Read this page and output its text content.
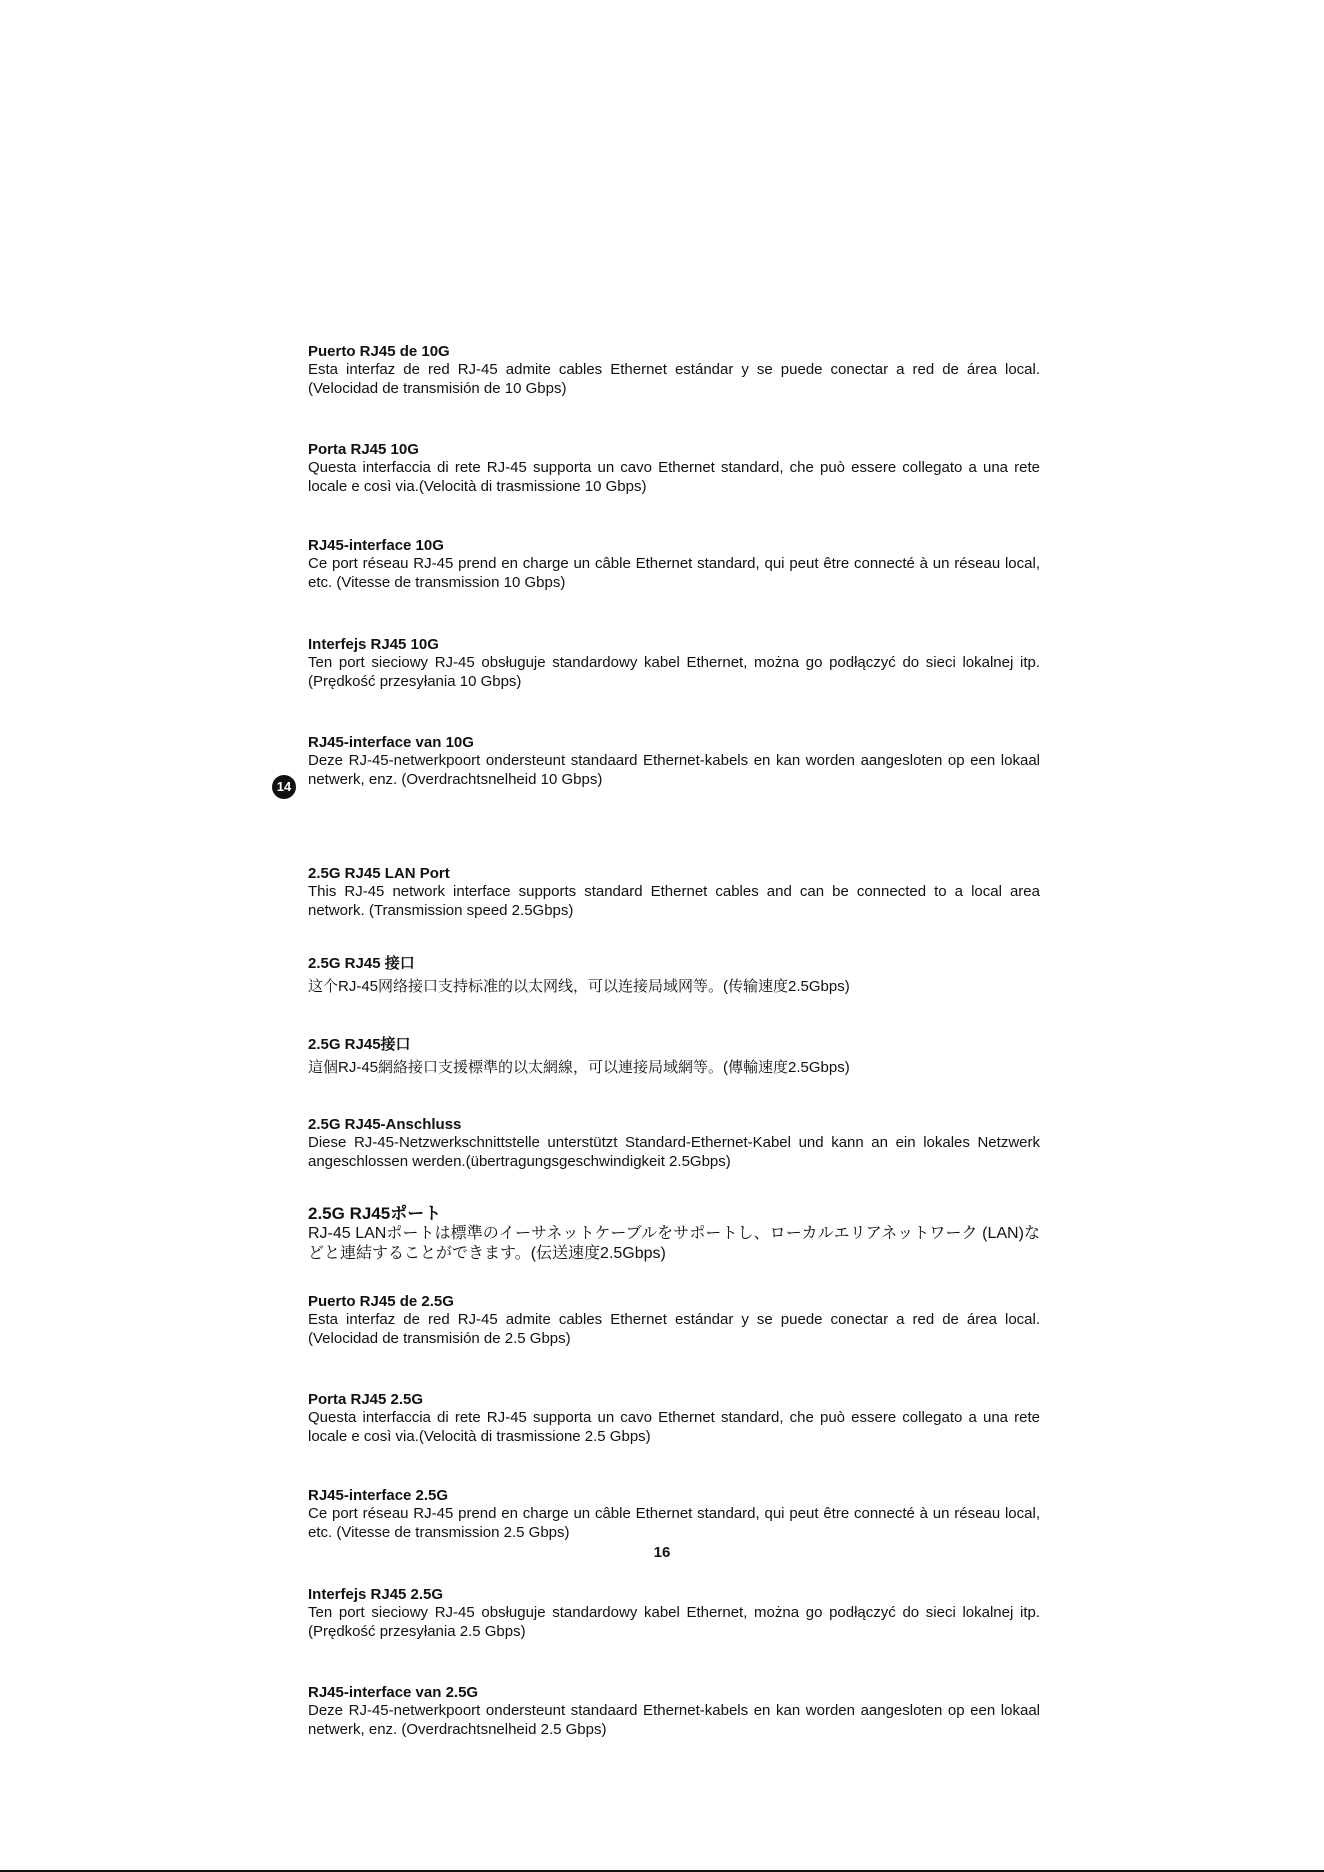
Puerto RJ45 de 10G

Esta interfaz de red RJ-45 admite cables Ethernet estándar y se puede conectar a red de área local. (Velocidad de transmisión de 10 Gbps)

Porta RJ45 10G

Questa interfaccia di rete RJ-45 supporta un cavo Ethernet standard, che può essere collegato a una rete locale e così via.(Velocità di trasmissione 10 Gbps)

RJ45-interface 10G

Ce port réseau RJ-45 prend en charge un câble Ethernet standard, qui peut être connecté à un réseau local, etc. (Vitesse de transmission 10 Gbps)

Interfejs RJ45 10G

Ten port sieciowy RJ-45 obsługuje standardowy kabel Ethernet, można go podłączyć do sieci lokalnej itp. (Prędkość przesyłania 10 Gbps)

RJ45-interface van 10G

Deze RJ-45-netwerkpoort ondersteunt standaard Ethernet-kabels en kan worden aangesloten op een lokaal netwerk, enz. (Overdrachtsnelheid 10 Gbps)

2.5G RJ45 LAN Port

This RJ-45 network interface supports standard Ethernet cables and can be connected to a local area network. (Transmission speed 2.5Gbps)

2.5G RJ45 接口

这个RJ-45网络接口支持标准的以太网线，可以连接局域网等。(传输速度2.5Gbps)

2.5G RJ45接口

這個RJ-45網絡接口支援標準的以太網線，可以連接局域網等。(傳輸速度2.5Gbps)

2.5G RJ45-Anschluss

Diese RJ-45-Netzwerkschnittstelle unterstützt Standard-Ethernet-Kabel und kann an ein lokales Netzwerk angeschlossen werden.(übertragungsgeschwindigkeit 2.5Gbps)

2.5G RJ45ポート

RJ-45 LANポートは標準のイーサネットケーブルをサポートし、ローカルエリアネットワーク (LAN)などと連結することができます。(伝送速度2.5Gbps)

Puerto RJ45 de 2.5G

Esta interfaz de red RJ-45 admite cables Ethernet estándar y se puede conectar a red de área local. (Velocidad de transmisión de 2.5 Gbps)

Porta RJ45 2.5G

Questa interfaccia di rete RJ-45 supporta un cavo Ethernet standard, che può essere collegato a una rete locale e così via.(Velocità di trasmissione 2.5 Gbps)

RJ45-interface 2.5G

Ce port réseau RJ-45 prend en charge un câble Ethernet standard, qui peut être connecté à un réseau local, etc. (Vitesse de transmission 2.5 Gbps)

Interfejs RJ45 2.5G

Ten port sieciowy RJ-45 obsługuje standardowy kabel Ethernet, można go podłączyć do sieci lokalnej itp. (Prędkość przesyłania 2.5 Gbps)

RJ45-interface van 2.5G

Deze RJ-45-netwerkpoort ondersteunt standaard Ethernet-kabels en kan worden aangesloten op een lokaal netwerk, enz. (Overdrachtsnelheid 2.5 Gbps)

14
16
